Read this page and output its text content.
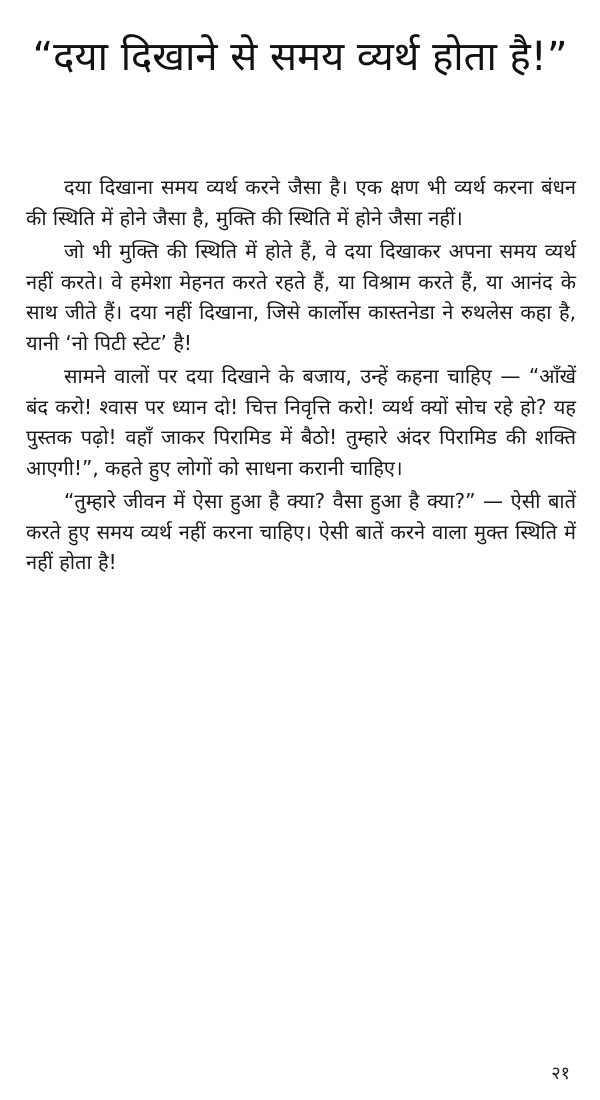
“दया दिखाने से समय व्यर्थ होता है!”

दया दिखाना समय व्यर्थ करने जैसा है। एक क्षण भी व्यर्थ करना बंधन की स्थिति में होने जैसा है, मुक्ति की स्थिति में होने जैसा नहीं।

जो भी मुक्ति की स्थिति में होते हैं, वे दया दिखाकर अपना समय व्यर्थ नहीं करते। वे हमेशा मेहनत करते रहते हैं, या विश्राम करते हैं, या आनंद के साथ जीते हैं। दया नहीं दिखाना, जिसे कार्लोस कास्तनेडा ने रुथलेस कहा है, यानी ‘नो पिटी स्टेट’ है!

सामने वालों पर दया दिखाने के बजाय, उन्हें कहना चाहिए — “आँखें बंद करो! श्वास पर ध्यान दो! चित्त निवृत्ति करो! व्यर्थ क्यों सोच रहे हो? यह पुस्तक पढ़ो! वहाँ जाकर पिरामिड में बैठो! तुम्हारे अंदर पिरामिड की शक्ति आएगी!”, कहते हुए लोगों को साधना करानी चाहिए।

“तुम्हारे जीवन में ऐसा हुआ है क्या? वैसा हुआ है क्या?” — ऐसी बातें करते हुए समय व्यर्थ नहीं करना चाहिए। ऐसी बातें करने वाला मुक्त स्थिति में नहीं होता है!

२१
